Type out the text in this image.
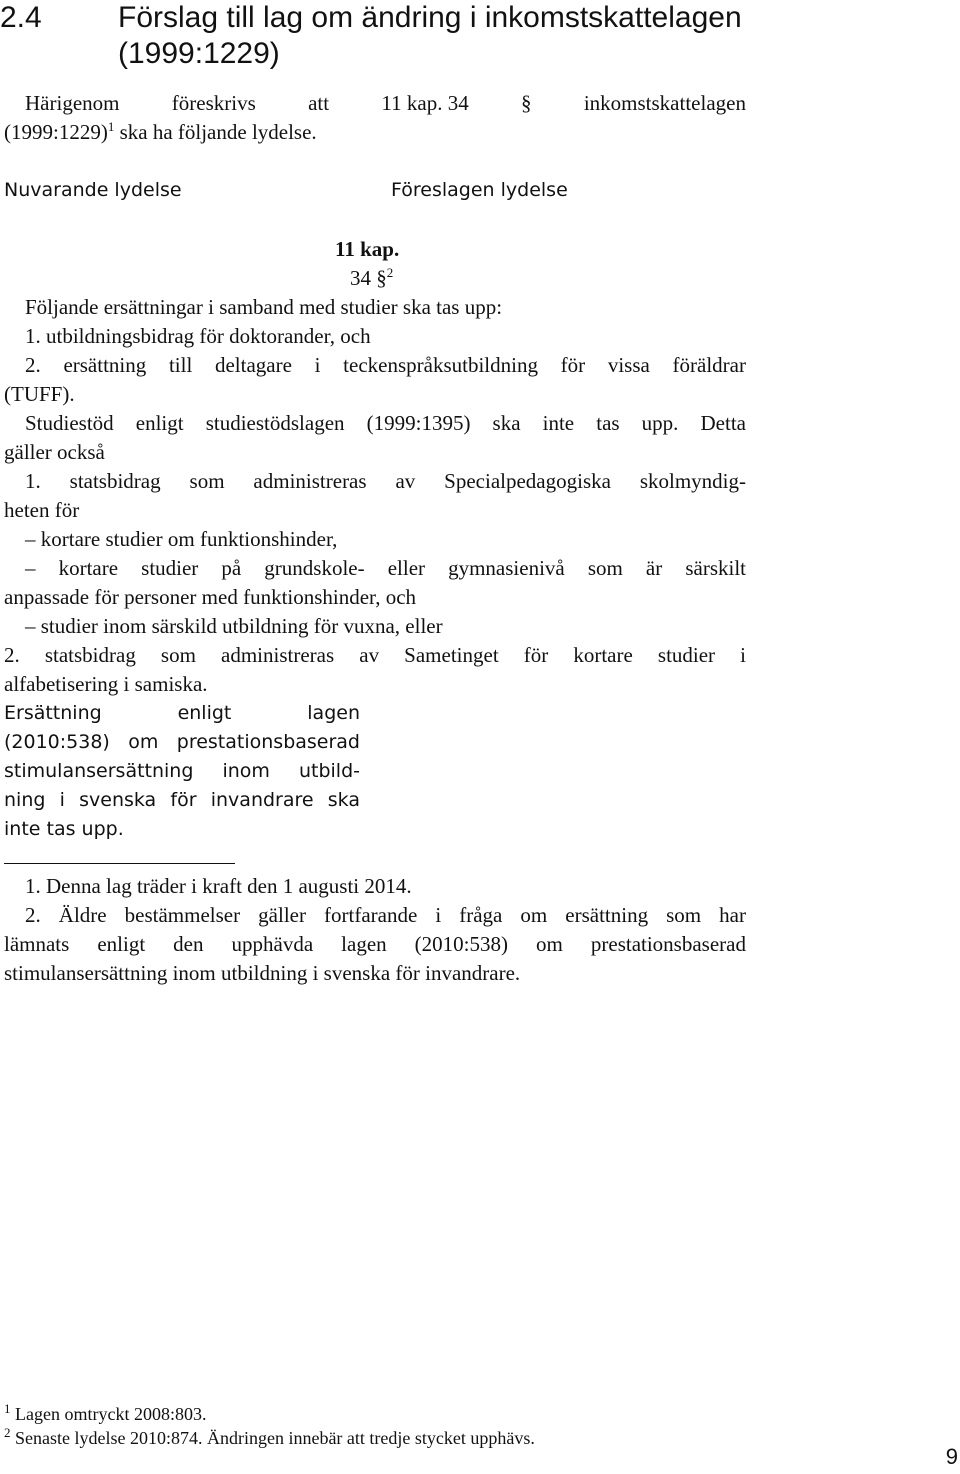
2.4	Förslag till lag om ändring i inkomstskattelagen
(1999:1229)
Härigenom föreskrivs att 11 kap. 34 § inkomstskattelagen
(1999:1229)$^1$ ska ha följande lydelse.
Nuvarande lydelse	Föreslagen lydelse
11 kap.
34 §$^2$
Följande ersättningar i samband med studier ska tas upp:
1. utbildningsbidrag för doktorander, och
2. ersättning till deltagare i teckenspråksutbildning för vissa föräldrar
(TUFF).
Studiestöd enligt studiestödslagen (1999:1395) ska inte tas upp. Detta
gäller också
1. statsbidrag som administreras av Specialpedagogiska skolmyndig-
heten för
– kortare studier om funktionshinder,
– kortare studier på grundskole- eller gymnasienivå som är särskilt
anpassade för personer med funktionshinder, och
– studier inom särskild utbildning för vuxna, eller
2. statsbidrag som administreras av Sametinget för kortare studier i
alfabetisering i samiska.
Ersättning enligt lagen
(2010:538) om prestationsbaserad
stimulansersättning inom utbild-
ning i svenska för invandrare ska
inte tas upp.
1. Denna lag träder i kraft den 1 augusti 2014.
2. Äldre bestämmelser gäller fortfarande i fråga om ersättning som har
lämnats enligt den upphävda lagen (2010:538) om prestationsbaserad
stimulansersättning inom utbildning i svenska för invandrare.
$^1$ Lagen omtryckt 2008:803.
$^2$ Senaste lydelse 2010:874. Ändringen innebär att tredje stycket upphävs.
9
